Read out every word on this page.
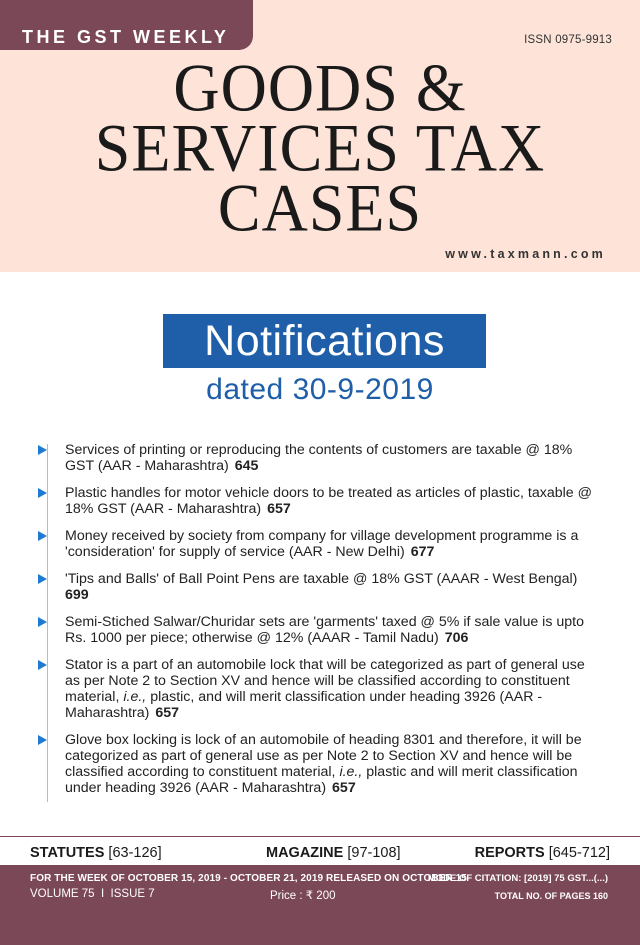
THE GST WEEKLY	ISSN 0975-9913
GOODS &
SERVICES TAX
CASES
www.taxmann.com
Notifications
dated 30-9-2019
Services of printing or reproducing the contents of customers are taxable @ 18% GST (AAR - Maharashtra) 645
Plastic handles for motor vehicle doors to be treated as articles of plastic, taxable @ 18% GST (AAR - Maharashtra) 657
Money received by society from company for village development programme is a 'consideration' for supply of service (AAR - New Delhi) 677
'Tips and Balls' of Ball Point Pens are taxable @ 18% GST (AAAR - West Bengal)
699
Semi-Stiched Salwar/Churidar sets are 'garments' taxed @ 5% if sale value is upto Rs. 1000 per piece; otherwise @ 12% (AAAR - Tamil Nadu) 706
Stator is a part of an automobile lock that will be categorized as part of general use as per Note 2 to Section XV and hence will be classified according to constituent material, i.e., plastic, and will merit classification under heading 3926 (AAR - Maharashtra) 657
Glove box locking is lock of an automobile of heading 8301 and therefore, it will be categorized as part of general use as per Note 2 to Section XV and hence will be classified according to constituent material, i.e., plastic and will merit classification under heading 3926 (AAR - Maharashtra) 657
STATUTES [63-126]	MAGAZINE [97-108]	REPORTS [645-712]
FOR THE WEEK OF OCTOBER 15, 2019 - OCTOBER 21, 2019 RELEASED ON OCTOBER 15
VOLUME 75  I  ISSUE 7	Price : ₹ 200
MODE OF CITATION: [2019] 75 GST...(...)
TOTAL NO. OF PAGES 160
